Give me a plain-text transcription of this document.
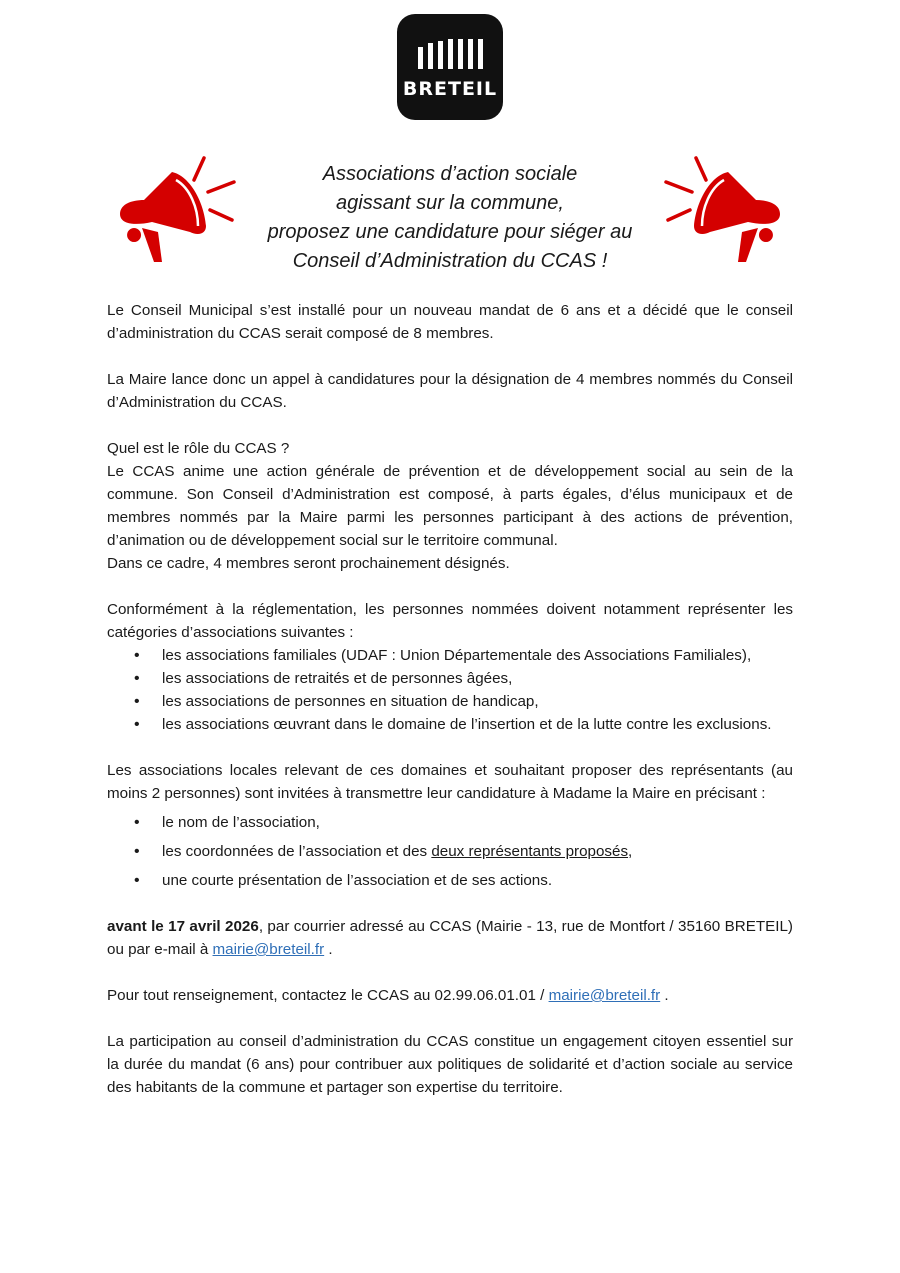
BRETEIL
Associations d’action sociale
agissant sur la commune,
proposez une candidature pour siéger au
Conseil d’Administration du CCAS !

Le Conseil Municipal s’est installé pour un nouveau mandat de 6 ans et a décidé que le conseil d’administration du CCAS serait composé de 8 membres.

La Maire lance donc un appel à candidatures pour la désignation de 4 membres nommés du Conseil d’Administration du CCAS.

Quel est le rôle du CCAS ?

Le CCAS anime une action générale de prévention et de développement social au sein de la commune. Son Conseil d’Administration est composé, à parts égales, d’élus municipaux et de membres nommés par la Maire parmi les personnes participant à des actions de prévention, d’animation ou de développement social sur le territoire communal.

Dans ce cadre, 4 membres seront prochainement désignés.

Conformément à la réglementation, les personnes nommées doivent notamment représenter les catégories d’associations suivantes :

• les associations familiales (UDAF : Union Départementale des Associations Familiales),
• les associations de retraités et de personnes âgées,
• les associations de personnes en situation de handicap,
• les associations œuvrant dans le domaine de l’insertion et de la lutte contre les exclusions.

Les associations locales relevant de ces domaines et souhaitant proposer des représentants (au moins 2 personnes) sont invitées à transmettre leur candidature à Madame la Maire en précisant :

• le nom de l’association,
• les coordonnées de l’association et des deux représentants proposés,
• une courte présentation de l’association et de ses actions.

avant le 17 avril 2026, par courrier adressé au CCAS (Mairie - 13, rue de Montfort / 35160 BRETEIL) ou par e-mail à mairie@breteil.fr .

Pour tout renseignement, contactez le CCAS au 02.99.06.01.01 / mairie@breteil.fr .

La participation au conseil d’administration du CCAS constitue un engagement citoyen essentiel sur la durée du mandat (6 ans) pour contribuer aux politiques de solidarité et d’action sociale au service des habitants de la commune et partager son expertise du territoire.
